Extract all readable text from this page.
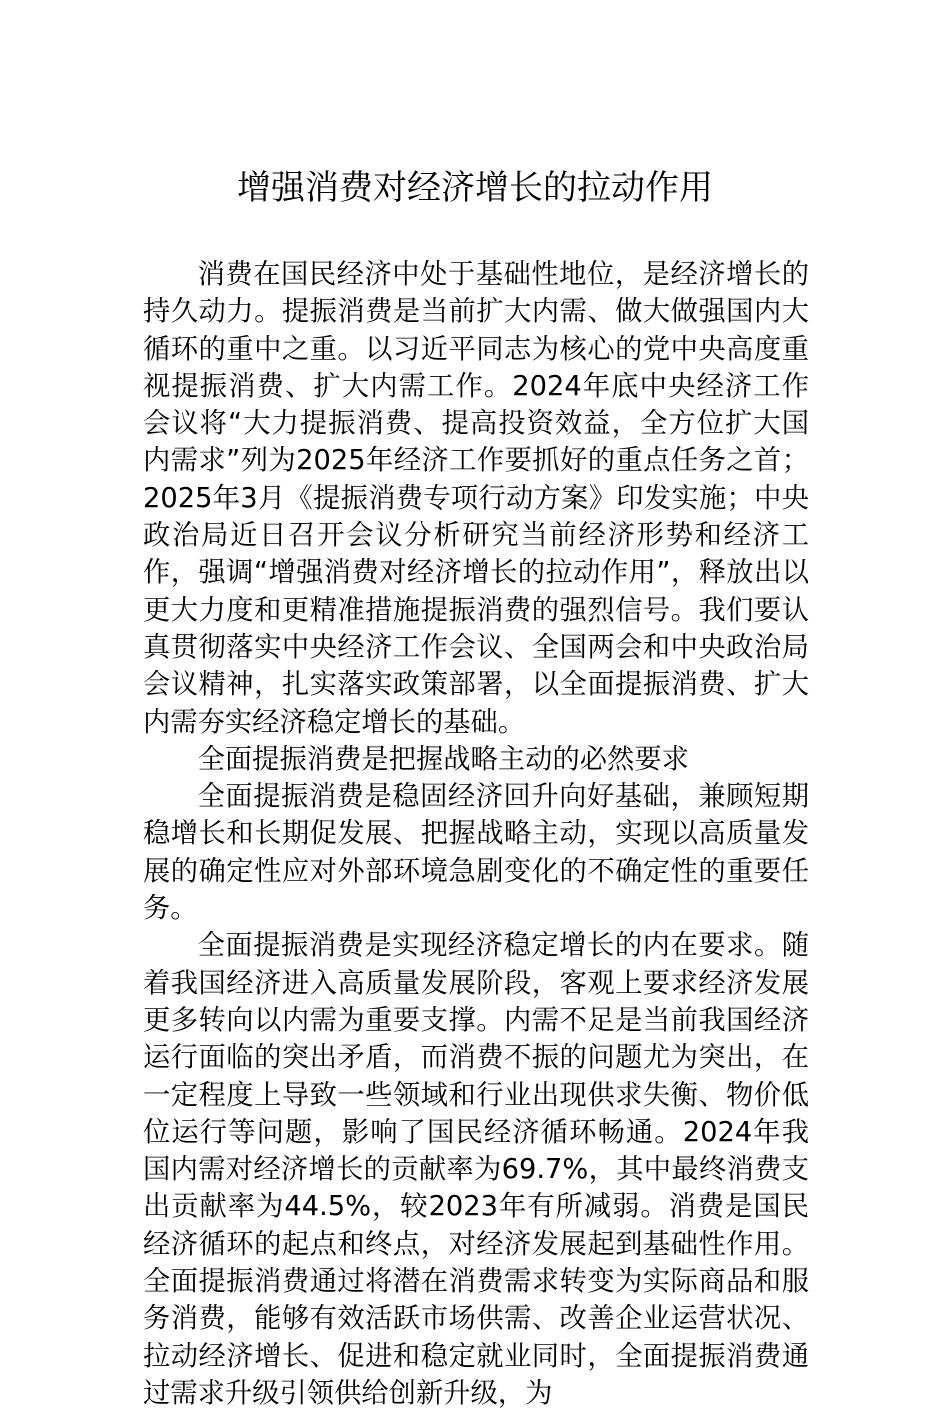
增强消费对经济增长的拉动作用

消费在国民经济中处于基础性地位，是经济增长的持久动力。提振消费是当前扩大内需、做大做强国内大循环的重中之重。以习近平同志为核心的党中央高度重视提振消费、扩大内需工作。2024年底中央经济工作会议将“大力提振消费、提高投资效益，全方位扩大国内需求”列为2025年经济工作要抓好的重点任务之首；2025年3月《提振消费专项行动方案》印发实施；中央政治局近日召开会议分析研究当前经济形势和经济工作，强调“增强消费对经济增长的拉动作用”，释放出以更大力度和更精准措施提振消费的强烈信号。我们要认真贯彻落实中央经济工作会议、全国两会和中央政治局会议精神，扎实落实政策部署，以全面提振消费、扩大内需夯实经济稳定增长的基础。

全面提振消费是把握战略主动的必然要求

全面提振消费是稳固经济回升向好基础，兼顾短期稳增长和长期促发展、把握战略主动，实现以高质量发展的确定性应对外部环境急剧变化的不确定性的重要任务。

全面提振消费是实现经济稳定增长的内在要求。随着我国经济进入高质量发展阶段，客观上要求经济发展更多转向以内需为重要支撑。内需不足是当前我国经济运行面临的突出矛盾，而消费不振的问题尤为突出，在一定程度上导致一些领域和行业出现供求失衡、物价低位运行等问题，影响了国民经济循环畅通。2024年我国内需对经济增长的贡献率为69.7%，其中最终消费支出贡献率为44.5%，较2023年有所减弱。消费是国民经济循环的起点和终点，对经济发展起到基础性作用。全面提振消费通过将潜在消费需求转变为实际商品和服务消费，能够有效活跃市场供需、改善企业运营状况、拉动经济增长、促进和稳定就业同时，全面提振消费通过需求升级引领供给创新升级，为
